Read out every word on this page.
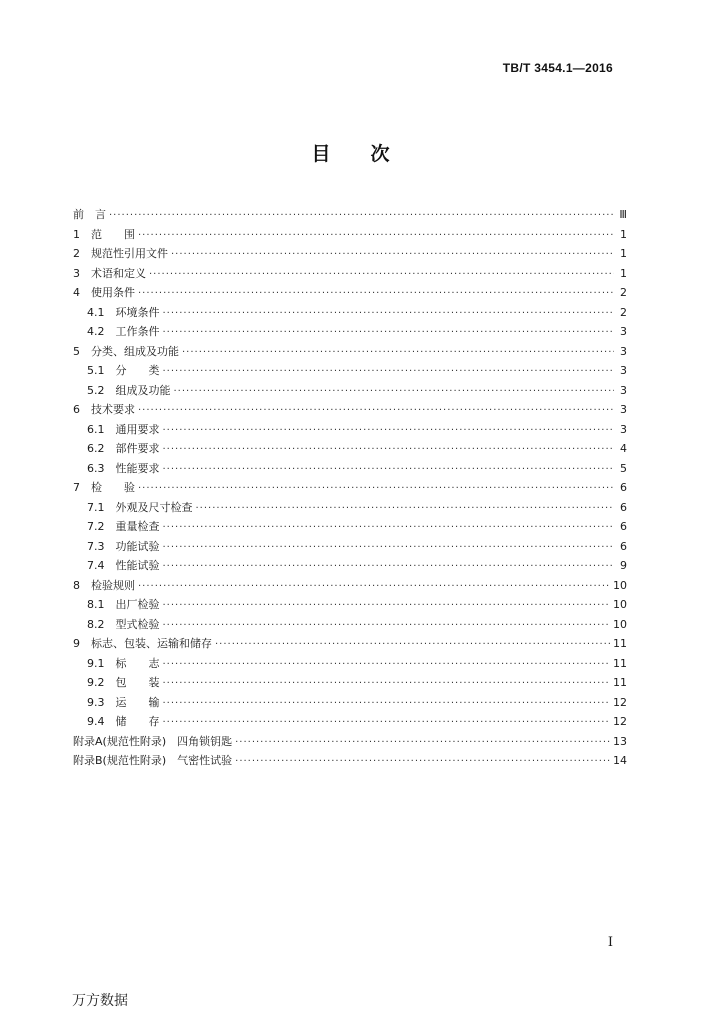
TB/T 3454.1—2016
目次
前　言 ·····	Ⅲ
1　范　　围 ·····	1
2　规范性引用文件 ·····	1
3　术语和定义 ·····	1
4　使用条件 ·····	2
4.1　环境条件 ·····	2
4.2　工作条件 ·····	3
5　分类、组成及功能 ·····	3
5.1　分　　类 ·····	3
5.2　组成及功能 ·····	3
6　技术要求 ·····	3
6.1　通用要求 ·····	3
6.2　部件要求 ·····	4
6.3　性能要求 ·····	5
7　检　　验 ·····	6
7.1　外观及尺寸检查 ·····	6
7.2　重量检查 ·····	6
7.3　功能试验 ·····	6
7.4　性能试验 ·····	9
8　检验规则 ·····	10
8.1　出厂检验 ·····	10
8.2　型式检验 ·····	10
9　标志、包装、运输和储存 ·····	11
9.1　标　　志 ·····	11
9.2　包　　装 ·····	11
9.3　运　　输 ·····	12
9.4　储　　存 ·····	12
附录A(规范性附录)　四角锁钥匙 ·····	13
附录B(规范性附录)　气密性试验 ·····	14
Ⅰ
万方数据
